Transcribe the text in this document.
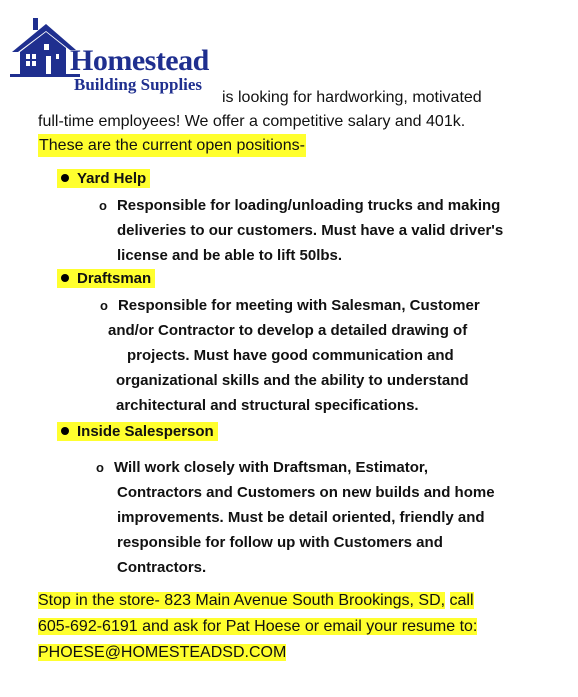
Homestead
Building Supplies
is looking for hardworking, motivated
full-time employees! We offer a competitive salary and 401k.
These are the current open positions-
Yard Help
o Responsible for loading/unloading trucks and making
deliveries to our customers. Must have a valid driver's
license and be able to lift 50lbs.
Draftsman
o Responsible for meeting with Salesman, Customer
and/or Contractor to develop a detailed drawing of
projects. Must have good communication and
organizational skills and the ability to understand
architectural and structural specifications.
Inside Salesperson
o Will work closely with Draftsman, Estimator,
Contractors and Customers on new builds and home
improvements. Must be detail oriented, friendly and
responsible for follow up with Customers and
Contractors.
Stop in the store- 823 Main Avenue South Brookings, SD, call
605-692-6191 and ask for Pat Hoese or email your resume to:
PHOESE@HOMESTEADSD.COM
